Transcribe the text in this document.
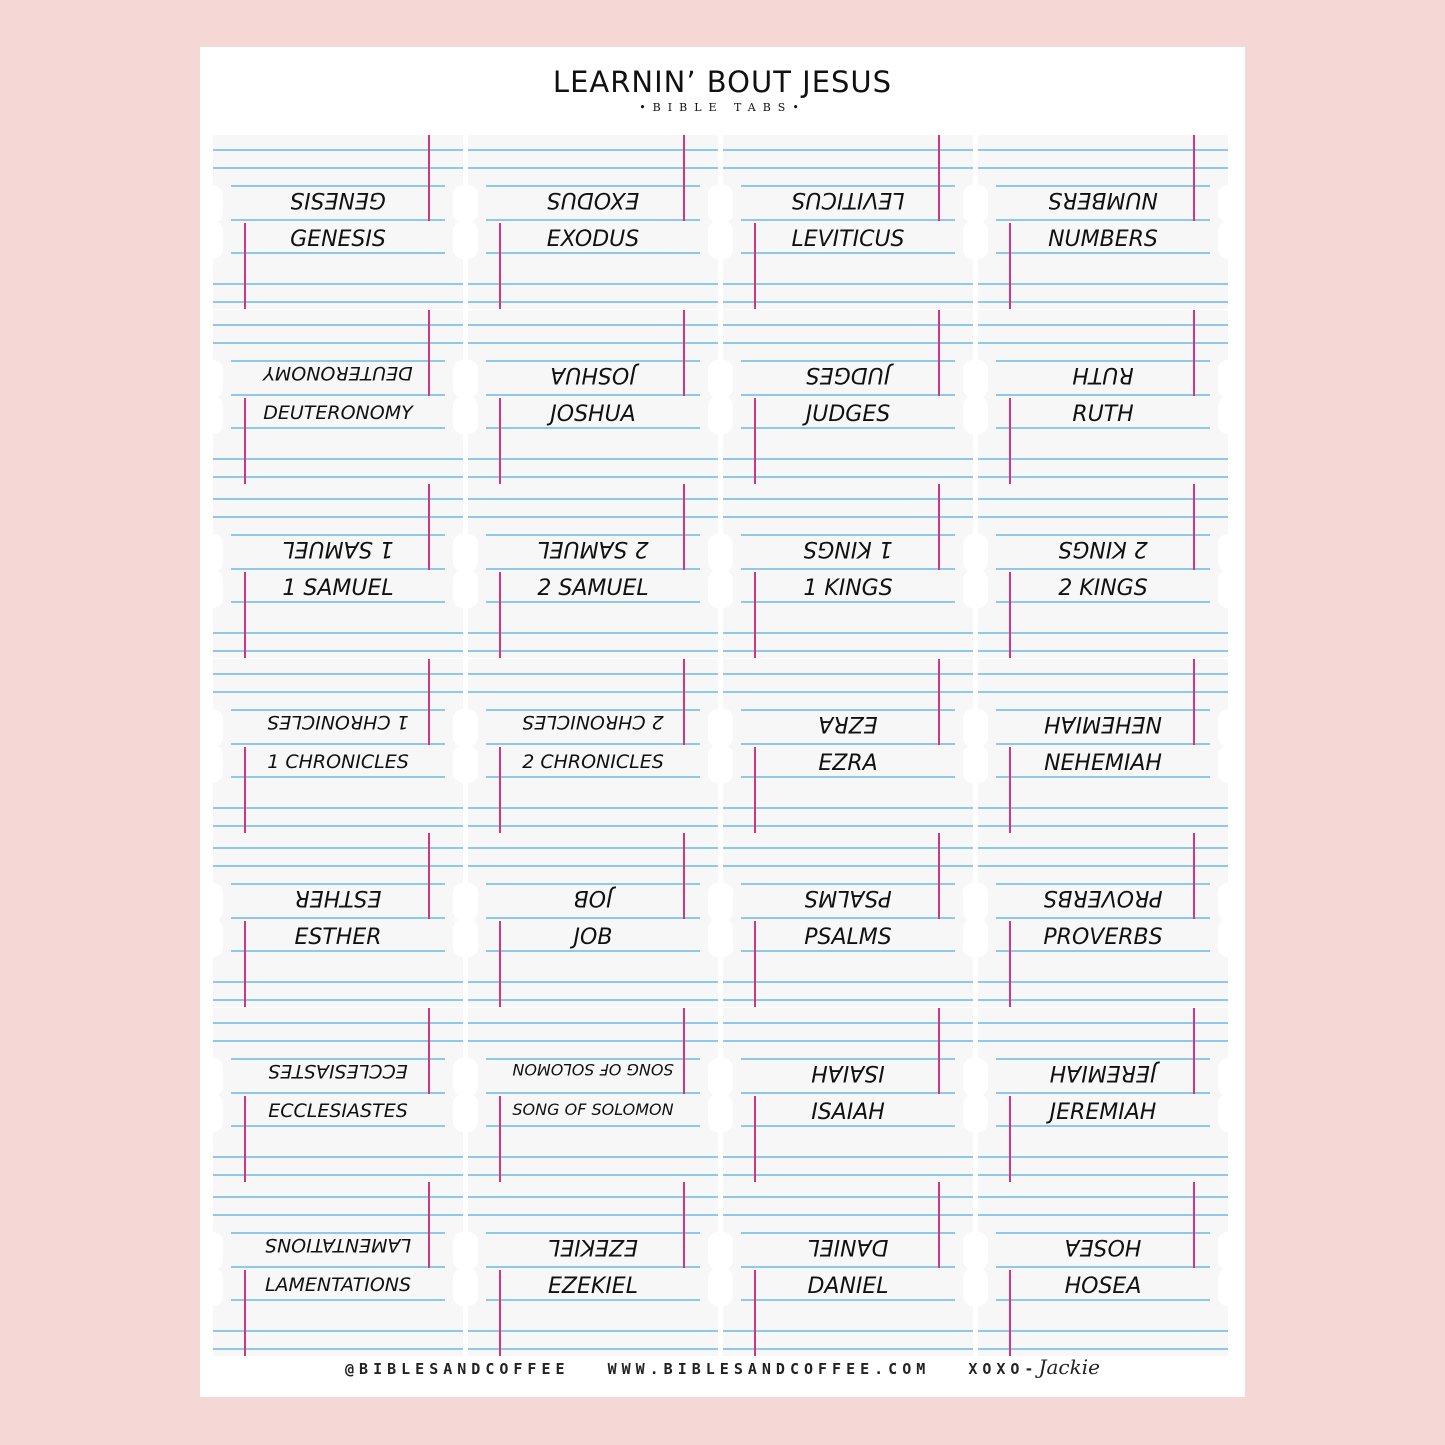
LEARNIN’ BOUT JESUS
•BIBLE TABS•
GENESIS
GENESIS
EXODUS
EXODUS
LEVITICUS
LEVITICUS
NUMBERS
NUMBERS
DEUTERONOMY
DEUTERONOMY
JOSHUA
JOSHUA
JUDGES
JUDGES
RUTH
RUTH
1 SAMUEL
1 SAMUEL
2 SAMUEL
2 SAMUEL
1 KINGS
1 KINGS
2 KINGS
2 KINGS
1 CHRONICLES
1 CHRONICLES
2 CHRONICLES
2 CHRONICLES
EZRA
EZRA
NEHEMIAH
NEHEMIAH
ESTHER
ESTHER
JOB
JOB
PSALMS
PSALMS
PROVERBS
PROVERBS
ECCLESIASTES
ECCLESIASTES
SONG OF SOLOMON
SONG OF SOLOMON
ISAIAH
ISAIAH
JEREMIAH
JEREMIAH
LAMENTATIONS
LAMENTATIONS
EZEKIEL
EZEKIEL
DANIEL
DANIEL
HOSEA
HOSEA
@BIBLESANDCOFFEE	WWW.BIBLESANDCOFFEE.COM	XOXO-Jackie
